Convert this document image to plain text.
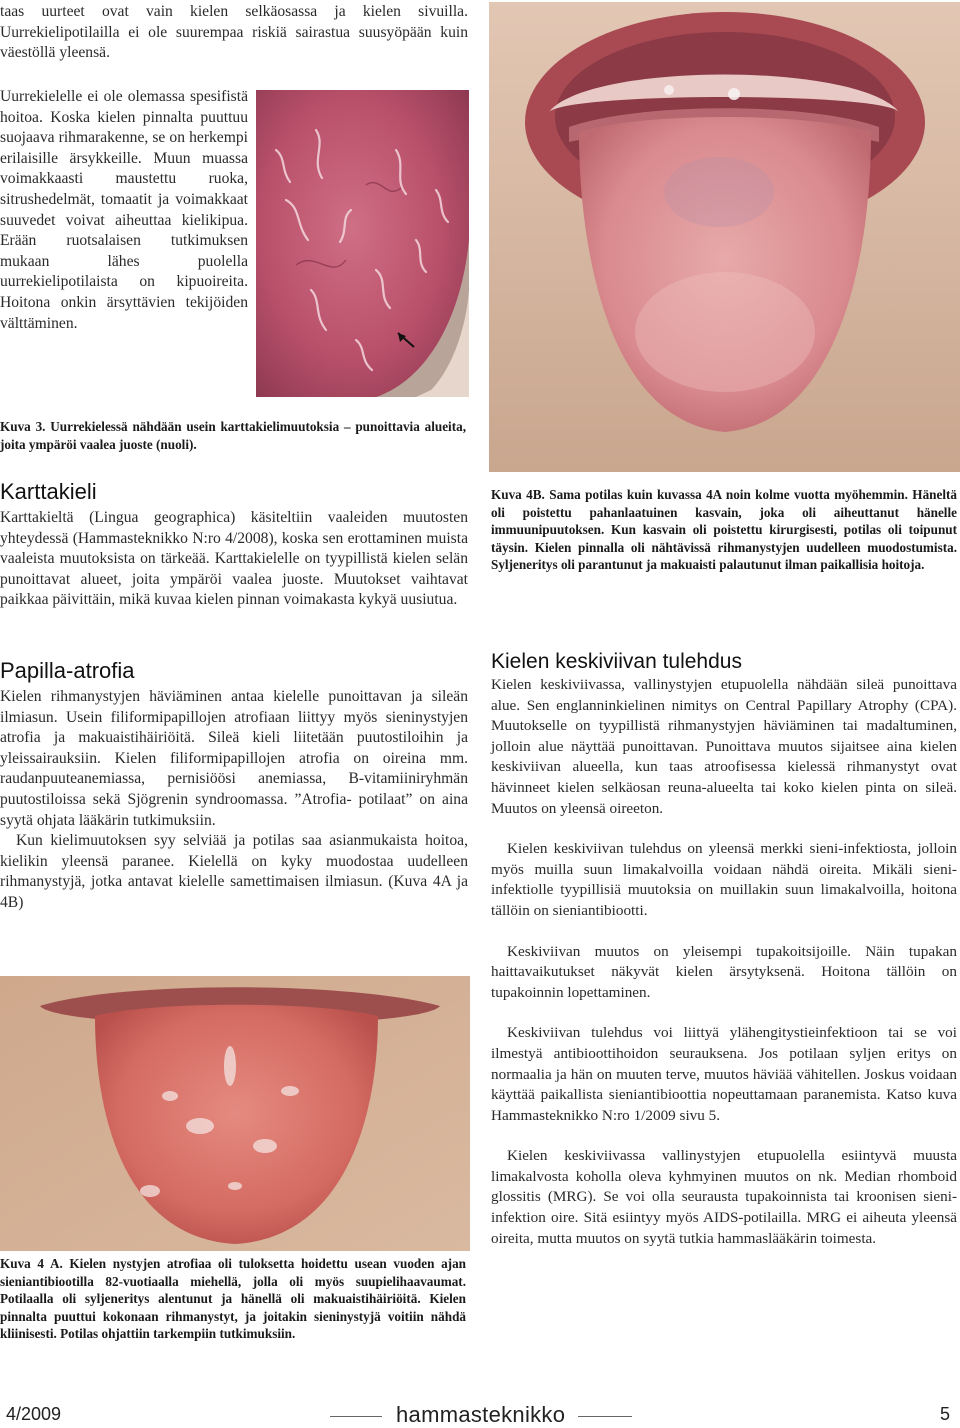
taas uurteet ovat vain kielen selkäosassa ja kielen sivuilla. Uurrekielipotilailla ei ole suurempaa riskiä sairastua suusyöpään kuin väestöllä yleensä.

Uurrekielelle ei ole olemassa spesifistä hoitoa. Koska kielen pinnalta puuttuu suojaava rihmarakenne, se on herkempi erilaisille ärsykkeille. Muun muassa voimakkaasti maustettu ruoka, sitrushedelmät, tomaatit ja voimakkaat suuvedet voivat aiheuttaa kielikipua. Erään ruotsalaisen tutkimuksen mukaan lähes puolella uurrekielipotilaista on kipuoireita. Hoitona onkin ärsyttävien tekijöiden välttäminen.

Kuva 3. Uurrekielessä nähdään usein karttakielimuutoksia – punoittavia alueita, joita ympäröi vaalea juoste (nuoli).
Karttakieli

Karttakieltä (Lingua geographica) käsiteltiin vaaleiden muutosten yhteydessä (Hammasteknikko N:ro 4/2008), koska sen erottaminen muista vaaleista muutoksista on tärkeää. Karttakielelle on tyypillistä kielen selän punoittavat alueet, joita ympäröi vaalea juoste. Muutokset vaihtavat paikkaa päivittäin, mikä kuvaa kielen pinnan voimakasta kykyä uusiutua.

Papilla-atrofia

Kielen rihmanystyjen häviäminen antaa kielelle punoittavan ja sileän ilmiasun. Usein filiformipapillojen atrofiaan liittyy myös sieninystyjen atrofia ja makuaistihäiriöitä. Sileä kieli liitetään puutostiloihin ja yleissairauksiin. Kielen filiformipapillojen atrofia on oireina mm. raudanpuuteanemiassa, pernisiöösi anemiassa, B-vitamiiniryhmän puutostiloissa sekä Sjögrenin syndroomassa. ”Atrofia- potilaat” on aina syytä ohjata lääkärin tutkimuksiin.

Kun kielimuutoksen syy selviää ja potilas saa asianmukaista hoitoa, kielikin yleensä paranee. Kielellä on kyky muodostaa uudelleen rihmanystyjä, jotka antavat kielelle samettimaisen ilmiasun. (Kuva 4A ja 4B)

Kuva 4 A. Kielen nystyjen atrofiaa oli tuloksetta hoidettu usean vuoden ajan sieniantibiootilla 82-vuotiaalla miehellä, jolla oli myös suupielihaavaumat. Potilaalla oli syljeneritys alentunut ja hänellä oli makuaistihäiriöitä. Kielen pinnalta puuttui kokonaan rihmanystyt, ja joitakin sieninystyjä voitiin nähdä kliinisesti. Potilas ohjattiin tarkempiin tutkimuksiin.
Kuva 4B. Sama potilas kuin kuvassa 4A noin kolme vuotta myöhemmin. Häneltä oli poistettu pahanlaatuinen kasvain, joka oli aiheuttanut hänelle immuunipuutoksen. Kun kasvain oli poistettu kirurgisesti, potilas oli toipunut täysin. Kielen pinnalla oli nähtävissä rihmanystyjen uudelleen muodostumista. Syljeneritys oli parantunut ja makuaisti palautunut ilman paikallisia hoitoja.
Kielen keskiviivan tulehdus

Kielen keskiviivassa, vallinystyjen etupuolella nähdään sileä punoittava alue. Sen englanninkielinen nimitys on Central Papillary Atrophy (CPA). Muutokselle on tyypillistä rihmanystyjen häviäminen tai madaltuminen, jolloin alue näyttää punoittavan. Punoittava muutos sijaitsee aina kielen keskiviivan alueella, kun taas atroofisessa kielessä rihmanystyt ovat hävinneet kielen selkäosan reuna-alueelta tai koko kielen pinta on sileä. Muutos on yleensä oireeton.

Kielen keskiviivan tulehdus on yleensä merkki sieni-infektiosta, jolloin myös muilla suun limakalvoilla voidaan nähdä oireita. Mikäli sieni-infektiolle tyypillisiä muutoksia on muillakin suun limakalvoilla, hoitona tällöin on sieniantibiootti.

Keskiviivan muutos on yleisempi tupakoitsijoille. Näin tupakan haittavaikutukset näkyvät kielen ärsytyksenä. Hoitona tällöin on tupakoinnin lopettaminen.

Keskiviivan tulehdus voi liittyä ylähengitystieinfektioon tai se voi ilmestyä antibioottihoidon seurauksena. Jos potilaan syljen eritys on normaalia ja hän on muuten terve, muutos häviää vähitellen. Joskus voidaan käyttää paikallista sieniantibioottia nopeuttamaan paranemista. Katso kuva Hammasteknikko N:ro 1/2009 sivu 5.

Kielen keskiviivassa vallinystyjen etupuolella esiintyvä muusta limakalvosta koholla oleva kyhmyinen muutos on nk. Median rhomboid glossitis (MRG). Se voi olla seurausta tupakoinnista tai kroonisen sieni-infektion oire. Sitä esiintyy myös AIDS-potilailla. MRG ei aiheuta yleensä oireita, mutta muutos on syytä tutkia hammaslääkärin toimesta.

4/2009	hammasteknikko	5
